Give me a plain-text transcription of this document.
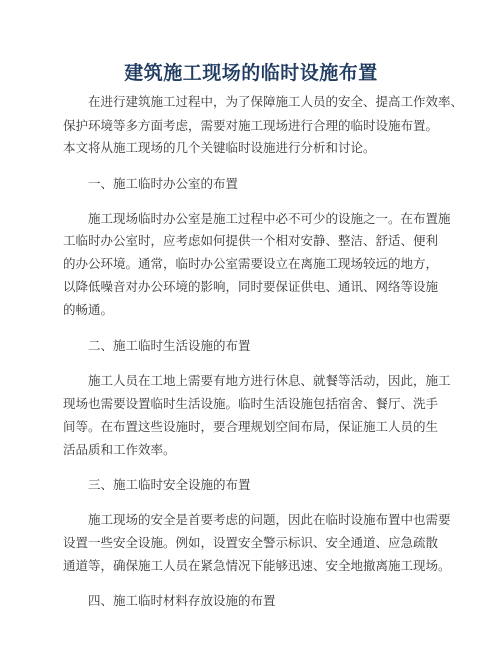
建筑施工现场的临时设施布置
在进行建筑施工过程中，为了保障施工人员的安全、提高工作效率、
保护环境等多方面考虑，需要对施工现场进行合理的临时设施布置。
本文将从施工现场的几个关键临时设施进行分析和讨论。
一、施工临时办公室的布置
施工现场临时办公室是施工过程中必不可少的设施之一。在布置施
工临时办公室时，应考虑如何提供一个相对安静、整洁、舒适、便利
的办公环境。通常，临时办公室需要设立在离施工现场较远的地方，
以降低噪音对办公环境的影响，同时要保证供电、通讯、网络等设施
的畅通。
二、施工临时生活设施的布置
施工人员在工地上需要有地方进行休息、就餐等活动，因此，施工
现场也需要设置临时生活设施。临时生活设施包括宿舍、餐厅、洗手
间等。在布置这些设施时，要合理规划空间布局，保证施工人员的生
活品质和工作效率。
三、施工临时安全设施的布置
施工现场的安全是首要考虑的问题，因此在临时设施布置中也需要
设置一些安全设施。例如，设置安全警示标识、安全通道、应急疏散
通道等，确保施工人员在紧急情况下能够迅速、安全地撤离施工现场。
四、施工临时材料存放设施的布置
